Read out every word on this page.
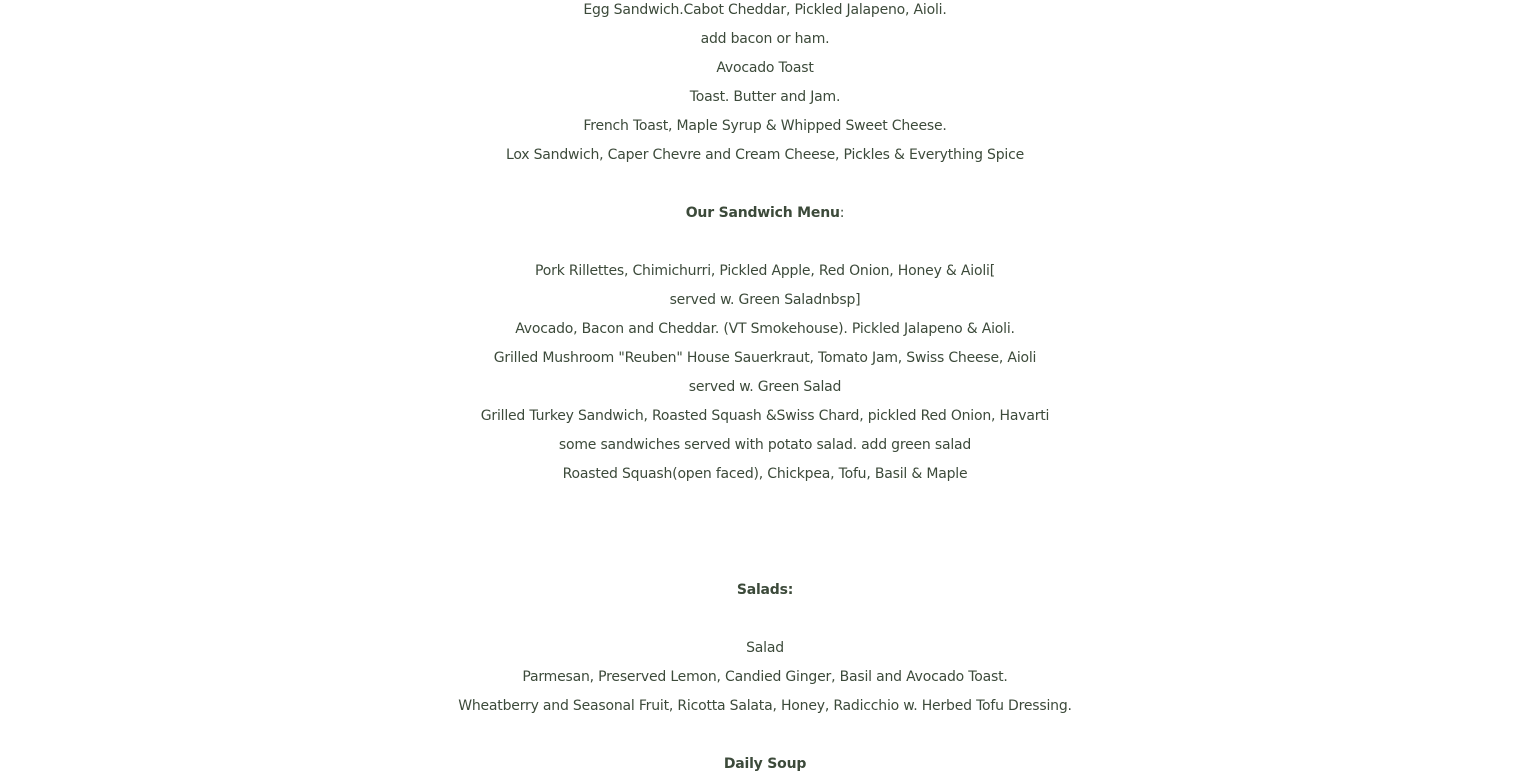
Egg Sandwich.Cabot Cheddar, Pickled Jalapeno, Aioli.
add bacon or ham.
Avocado Toast
Toast. Butter and Jam.
French Toast, Maple Syrup & Whipped Sweet Cheese.
Lox Sandwich, Caper Chevre and Cream Cheese, Pickles & Everything Spice
Our Sandwich Menu:
Pork Rillettes, Chimichurri, Pickled Apple, Red Onion, Honey & Aioli[
served w. Green Saladnbsp]
Avocado, Bacon and Cheddar. (VT Smokehouse). Pickled Jalapeno & Aioli.
Grilled Mushroom "Reuben" House Sauerkraut, Tomato Jam, Swiss Cheese, Aioli
served w. Green Salad
Grilled Turkey Sandwich, Roasted Squash &Swiss Chard, pickled Red Onion, Havarti
some sandwiches served with potato salad. add green salad
Roasted Squash(open faced), Chickpea, Tofu, Basil & Maple
Salads:
Salad
Parmesan, Preserved Lemon, Candied Ginger, Basil and Avocado Toast.
Wheatberry and Seasonal Fruit, Ricotta Salata, Honey, Radicchio w. Herbed Tofu Dressing.
Daily Soup
